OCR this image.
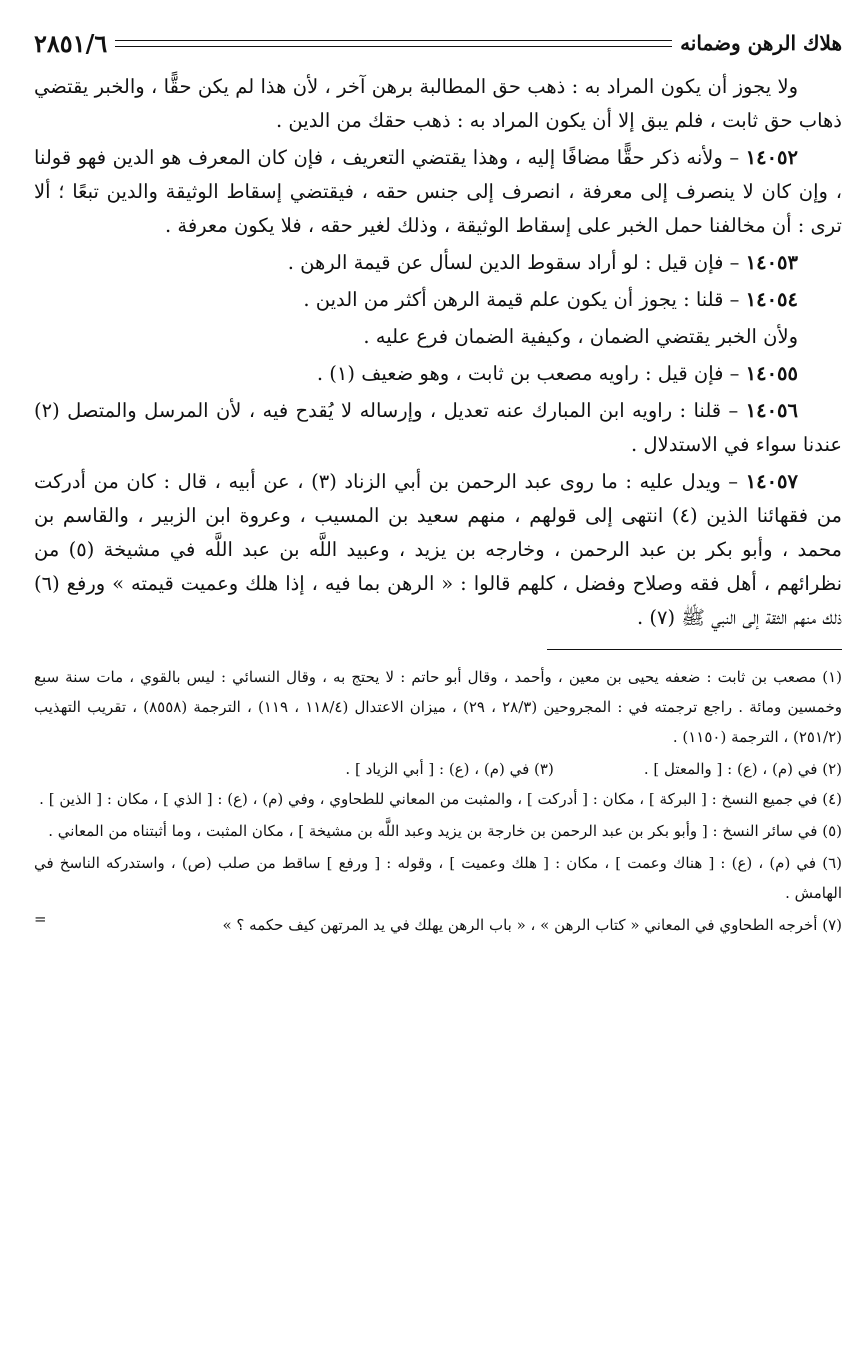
هلاك الرهن وضمانه
٢٨٥١/٦

ولا يجوز أن يكون المراد به : ذهب حق المطالبة برهن آخر ، لأن هذا لم يكن حقًّا ، والخبر يقتضي ذهاب حق ثابت ، فلم يبق إلا أن يكون المراد به : ذهب حقك من الدين .

١٤٠٥٢ – ولأنه ذكر حقًّا مضافًا إليه ، وهذا يقتضي التعريف ، فإن كان المعرف هو الدين فهو قولنا ، وإن كان لا ينصرف إلى معرفة ، انصرف إلى جنس حقه ، فيقتضي إسقاط الوثيقة والدين تبعًا ؛ ألا ترى : أن مخالفنا حمل الخبر على إسقاط الوثيقة ، وذلك لغير حقه ، فلا يكون معرفة .

١٤٠٥٣ – فإن قيل : لو أراد سقوط الدين لسأل عن قيمة الرهن .

١٤٠٥٤ – قلنا : يجوز أن يكون علم قيمة الرهن أكثر من الدين .

ولأن الخبر يقتضي الضمان ، وكيفية الضمان فرع عليه .

١٤٠٥٥ – فإن قيل : راويه مصعب بن ثابت ، وهو ضعيف (١) .

١٤٠٥٦ – قلنا : راويه ابن المبارك عنه تعديل ، وإرساله لا يُقدح فيه ، لأن المرسل والمتصل (٢) عندنا سواء في الاستدلال .

١٤٠٥٧ – ويدل عليه : ما روى عبد الرحمن بن أبي الزناد (٣) ، عن أبيه ، قال : كان من أدركت من فقهائنا الذين (٤) انتهى إلى قولهم ، منهم سعيد بن المسيب ، وعروة ابن الزبير ، والقاسم بن محمد ، وأبو بكر بن عبد الرحمن ، وخارجه بن يزيد ، وعبيد اللَّه بن عبد اللَّه في مشيخة (٥) من نظرائهم ، أهل فقه وصلاح وفضل ، كلهم قالوا : « الرهن بما فيه ، إذا هلك وعميت قيمته » ورفع (٦) ذلك منهم الثقة إلى النبي ﷺ (٧) .

(١) مصعب بن ثابت : ضعفه يحيى بن معين ، وأحمد ، وقال أبو حاتم : لا يحتج به ، وقال النسائي : ليس بالقوي ، مات سنة سبع وخمسين ومائة . راجع ترجمته في : المجروحين (٢٨/٣ ، ٢٩) ، ميزان الاعتدال (١١٨/٤ ، ١١٩) ، الترجمة (٨٥٥٨) ، تقريب التهذيب (٢٥١/٢) ، الترجمة (١١٥٠) .

(٢) في (م) ، (ع) : [ والمعتل ] .
(٣) في (م) ، (ع) : [ أبي الزياد ] .

(٤) في جميع النسخ : [ البركة ] ، مكان : [ أدركت ] ، والمثبت من المعاني للطحاوي ، وفي (م) ، (ع) : [ الذي ] ، مكان : [ الذين ] .

(٥) في سائر النسخ : [ وأبو بكر بن عبد الرحمن بن خارجة بن يزيد وعبد اللَّه بن مشيخة ] ، مكان المثبت ، وما أثبتناه من المعاني .

(٦) في (م) ، (ع) : [ هناك وعمت ] ، مكان : [ هلك وعميت ] ، وقوله : [ ورفع ] ساقط من صلب (ص) ، واستدركه الناسخ في الهامش .

(٧) أخرجه الطحاوي في المعاني « كتاب الرهن » ، « باب الرهن يهلك في يد المرتهن كيف حكمه ؟ »
=
